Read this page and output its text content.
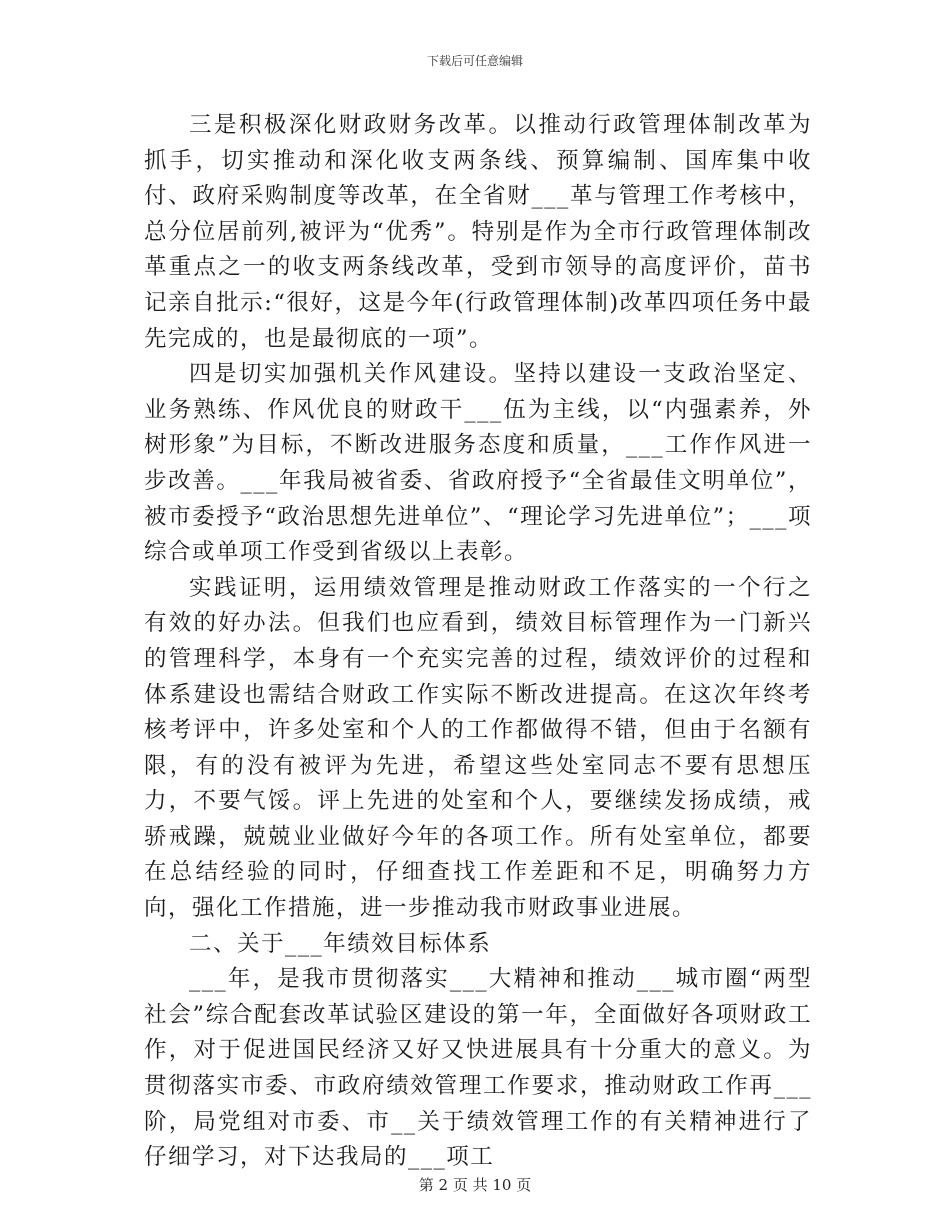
下载后可任意编辑

三是积极深化财政财务改革。以推动行政管理体制改革为抓手，切实推动和深化收支两条线、预算编制、国库集中收付、政府采购制度等改革，在全省财___革与管理工作考核中，总分位居前列,被评为“优秀”。特别是作为全市行政管理体制改革重点之一的收支两条线改革，受到市领导的高度评价，苗书记亲自批示:“很好，这是今年(行政管理体制)改革四项任务中最先完成的，也是最彻底的一项”。

四是切实加强机关作风建设。坚持以建设一支政治坚定、业务熟练、作风优良的财政干___伍为主线，以“内强素养，外树形象”为目标，不断改进服务态度和质量，___工作作风进一步改善。___年我局被省委、省政府授予“全省最佳文明单位”，被市委授予“政治思想先进单位”、“理论学习先进单位”；___项综合或单项工作受到省级以上表彰。

实践证明，运用绩效管理是推动财政工作落实的一个行之有效的好办法。但我们也应看到，绩效目标管理作为一门新兴的管理科学，本身有一个充实完善的过程，绩效评价的过程和体系建设也需结合财政工作实际不断改进提高。在这次年终考核考评中，许多处室和个人的工作都做得不错，但由于名额有限，有的没有被评为先进，希望这些处室同志不要有思想压力，不要气馁。评上先进的处室和个人，要继续发扬成绩，戒骄戒躁，兢兢业业做好今年的各项工作。所有处室单位，都要在总结经验的同时，仔细查找工作差距和不足，明确努力方向，强化工作措施，进一步推动我市财政事业进展。

二、关于___年绩效目标体系

___年，是我市贯彻落实___大精神和推动___城市圈“两型社会”综合配套改革试验区建设的第一年，全面做好各项财政工作，对于促进国民经济又好又快进展具有十分重大的意义。为贯彻落实市委、市政府绩效管理工作要求，推动财政工作再___阶，局党组对市委、市__关于绩效管理工作的有关精神进行了仔细学习，对下达我局的___项工

第 2 页 共 10 页
